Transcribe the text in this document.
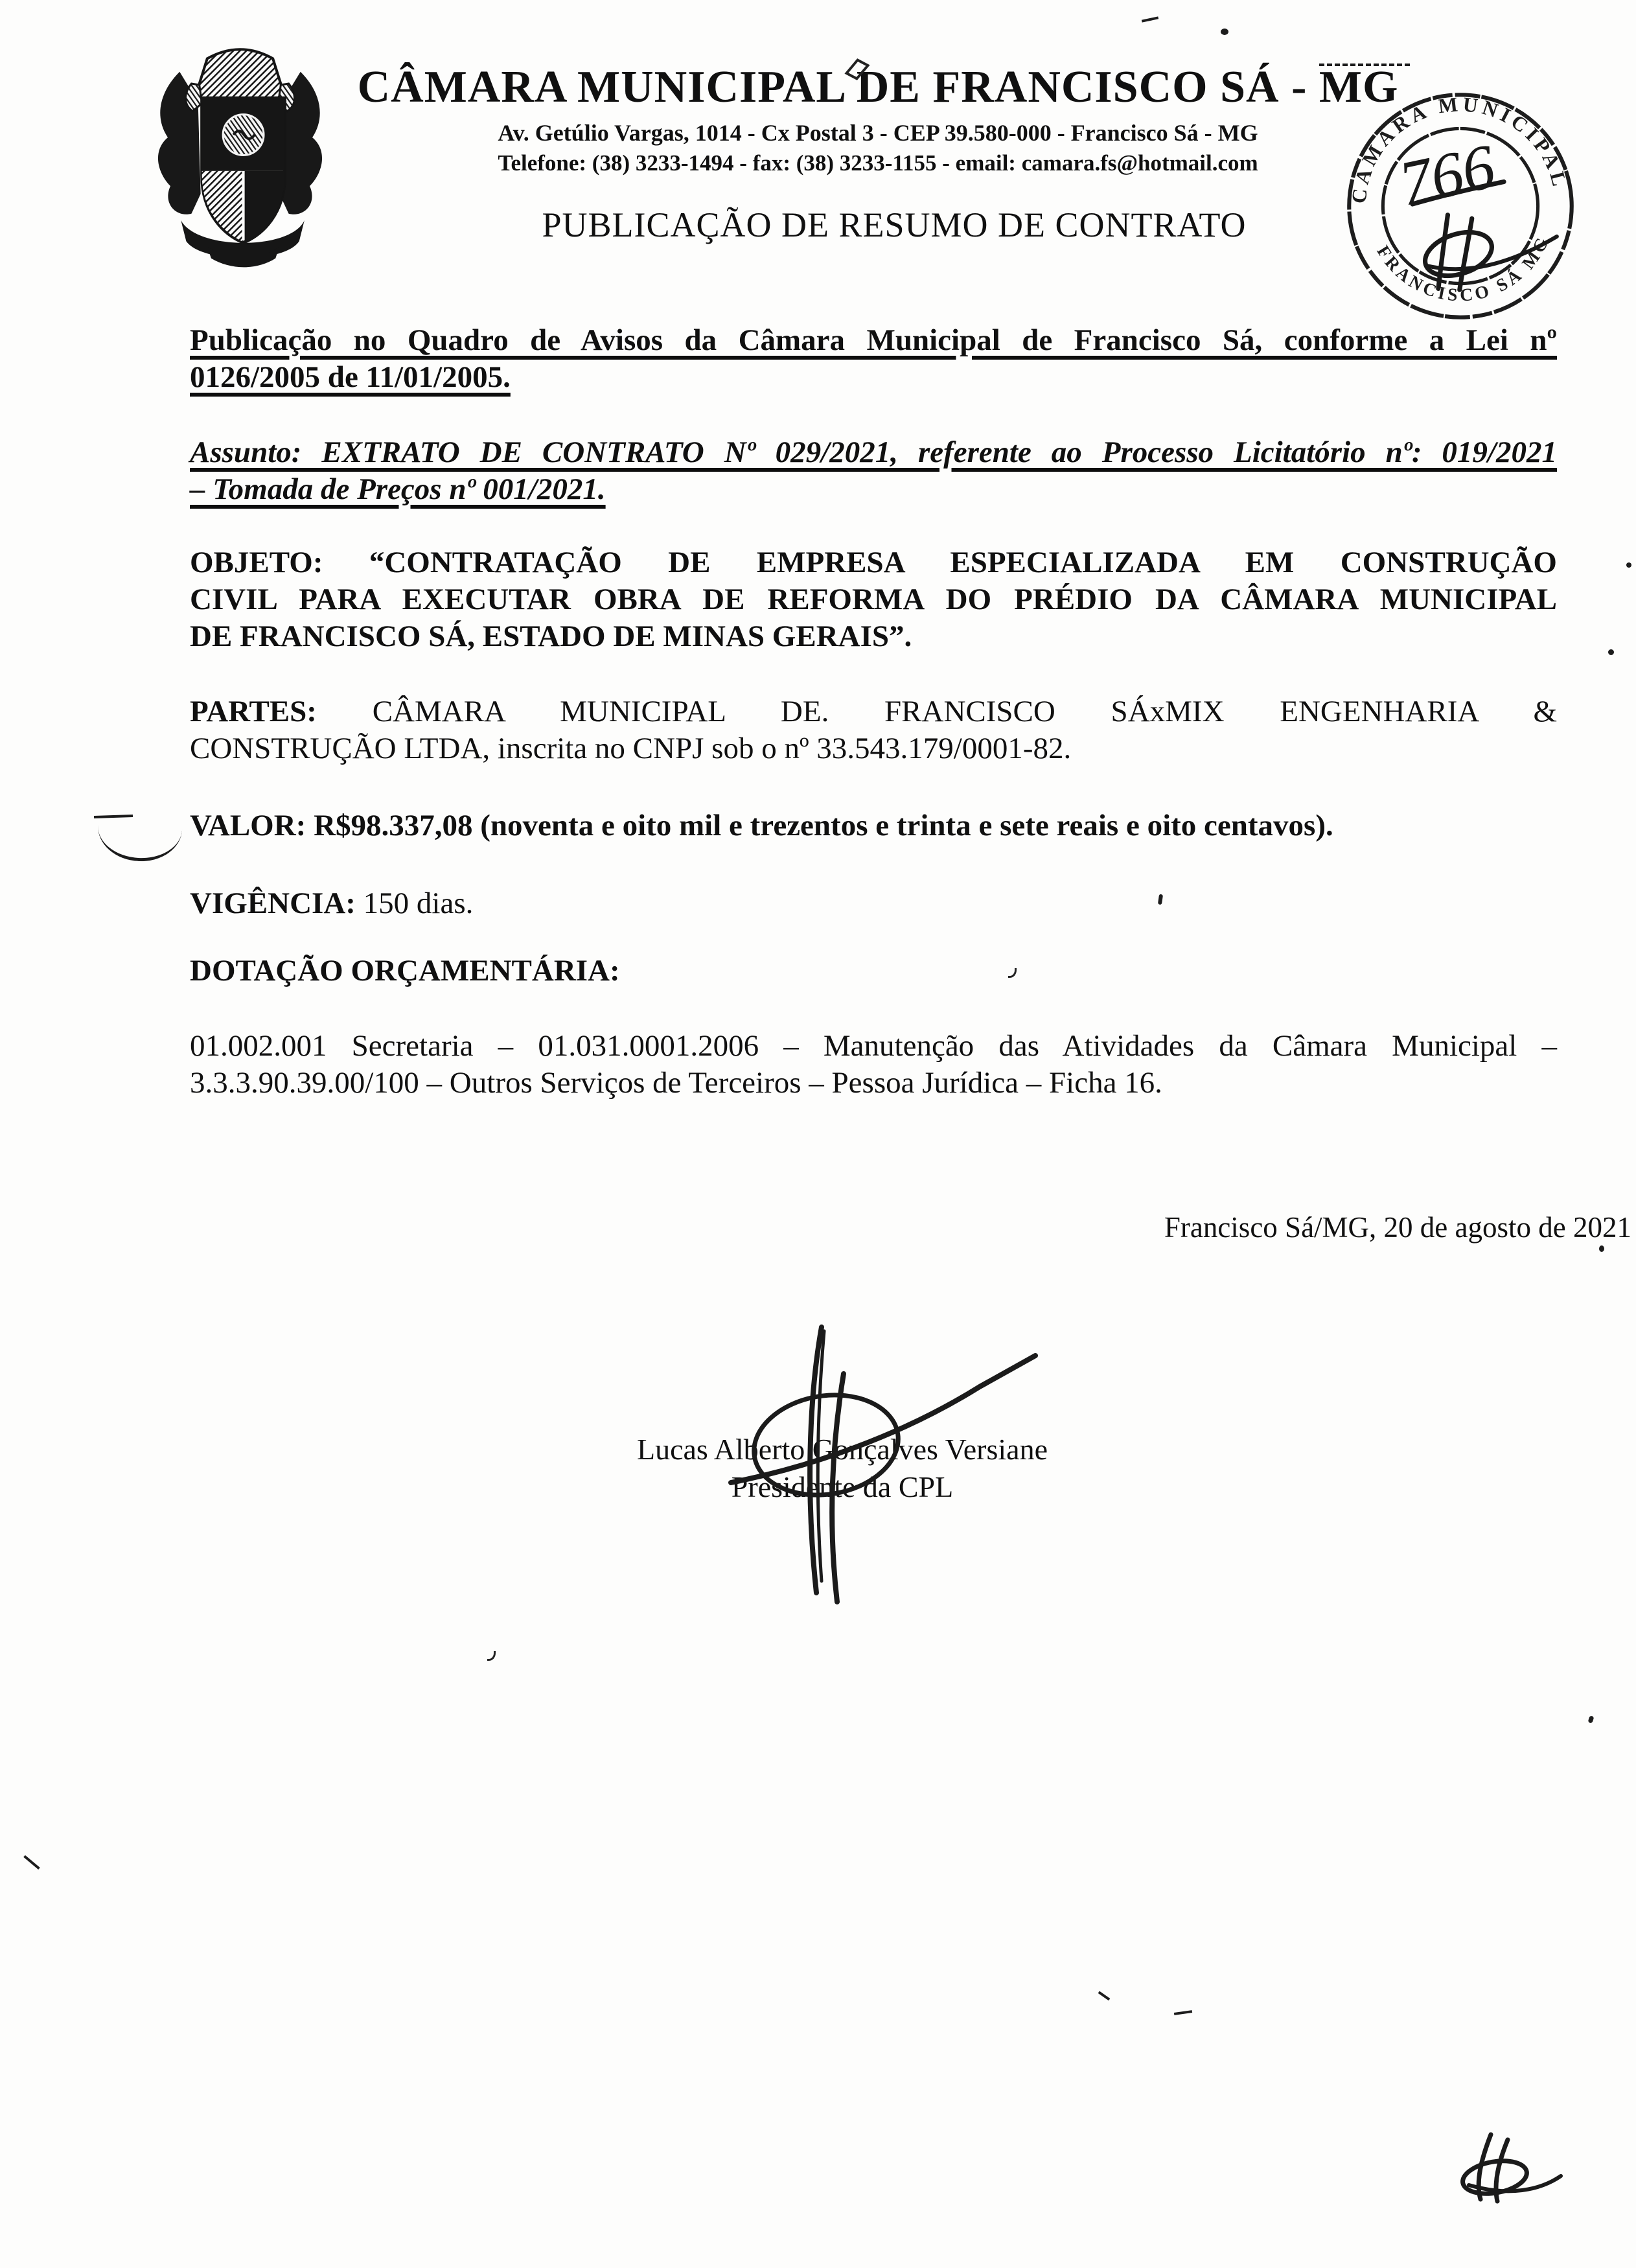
CÂMARA MUNICIPAL DE FRANCISCO SÁ - MG
Av. Getúlio Vargas, 1014 - Cx Postal 3 - CEP 39.580-000 - Francisco Sá - MG
Telefone: (38) 3233-1494 - fax: (38) 3233-1155 - email: camara.fs@hotmail.com
PUBLICAÇÃO DE RESUMO DE CONTRATO
CÂMARA MUNICIPAL
FRANCISCO SÁ MG
766
Publicação no Quadro de Avisos da Câmara Municipal de Francisco Sá, conforme a Lei nº
0126/2005 de 11/01/2005.
Assunto: EXTRATO DE CONTRATO Nº 029/2021, referente ao Processo Licitatório nº: 019/2021
– Tomada de Preços nº 001/2021.
OBJETO: “CONTRATAÇÃO DE EMPRESA ESPECIALIZADA EM CONSTRUÇÃO
CIVIL PARA EXECUTAR OBRA DE REFORMA DO PRÉDIO DA CÂMARA MUNICIPAL
DE FRANCISCO SÁ, ESTADO DE MINAS GERAIS”.
PARTES: CÂMARA MUNICIPAL DE. FRANCISCO SÁxMIX ENGENHARIA &
CONSTRUÇÃO LTDA, inscrita no CNPJ sob o nº 33.543.179/0001-82.
VALOR: R$98.337,08 (noventa e oito mil e trezentos e trinta e sete reais e oito centavos).
VIGÊNCIA: 150 dias.
DOTAÇÃO ORÇAMENTÁRIA:
01.002.001 Secretaria – 01.031.0001.2006 – Manutenção das Atividades da Câmara Municipal –
3.3.3.90.39.00/100 – Outros Serviços de Terceiros – Pessoa Jurídica – Ficha 16.
Francisco Sá/MG, 20 de agosto de 2021
Lucas Alberto Gonçalves Versiane
Presidente da CPL
